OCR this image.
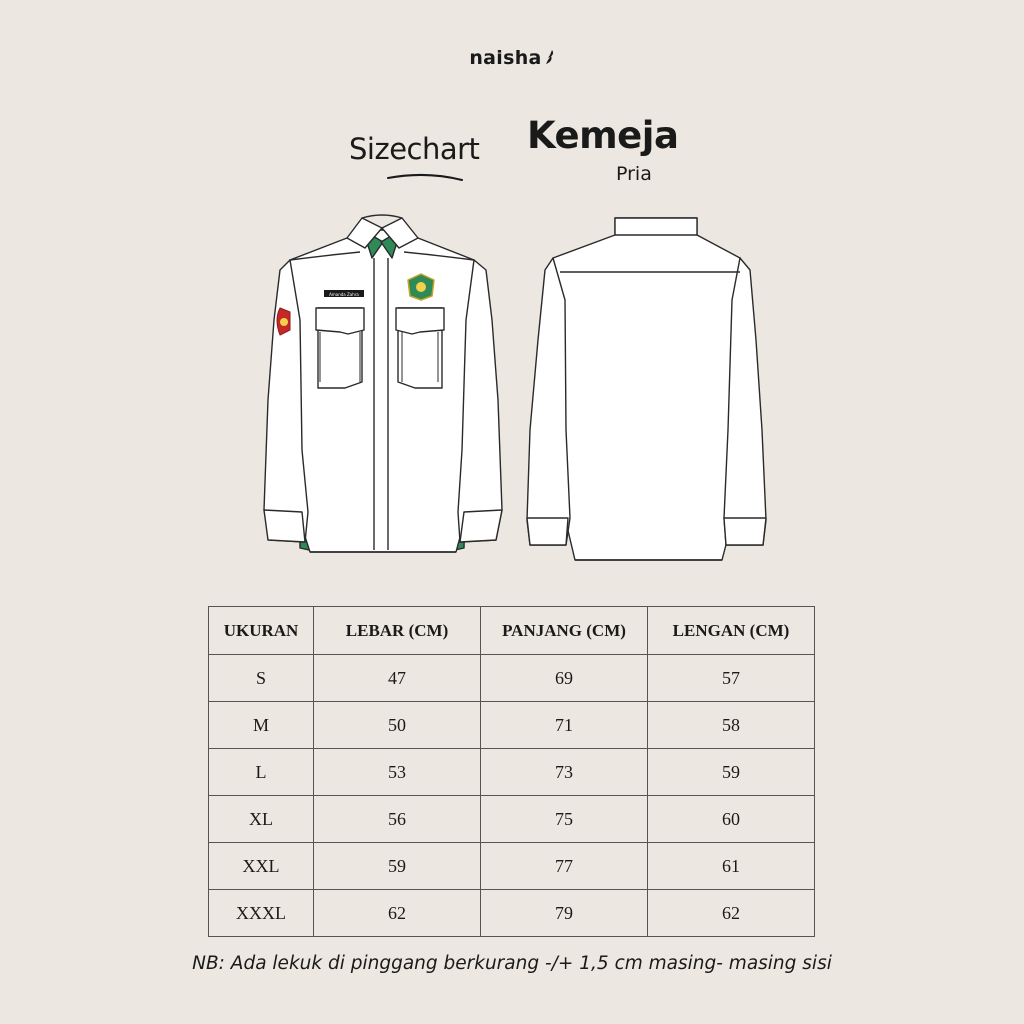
naisha
Sizechart Kemeja
Pria
Amanda Zahra
UKURAN	LEBAR (CM)	PANJANG (CM)	LENGAN (CM)
S	47	69	57
M	50	71	58
L	53	73	59
XL	56	75	60
XXL	59	77	61
XXXL	62	79	62
NB: Ada lekuk di pinggang berkurang -/+ 1,5 cm masing- masing sisi
